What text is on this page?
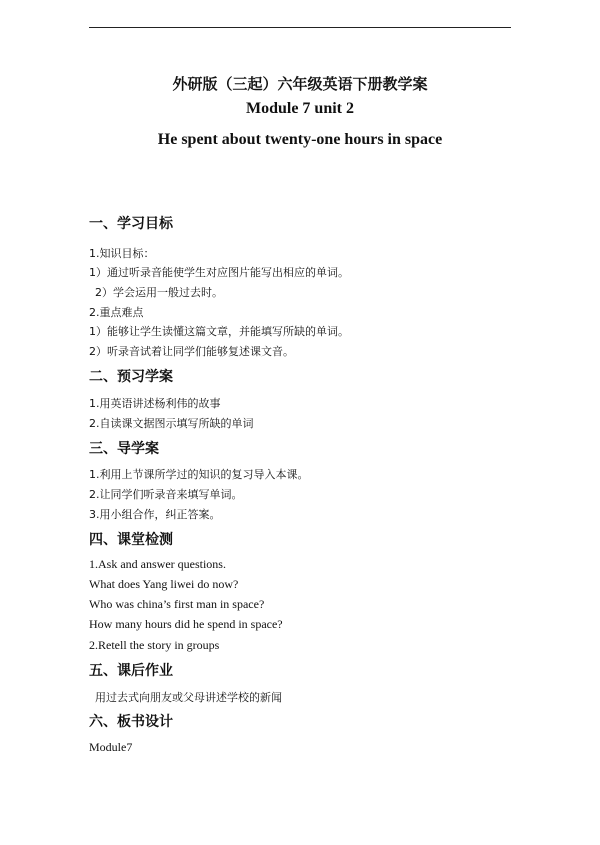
外研版（三起）六年级英语下册教学案
Module 7 unit 2
He spent about twenty-one hours in space
一、学习目标
1.知识目标：
1）通过听录音能使学生对应图片能写出相应的单词。
2）学会运用一般过去时。
2.重点难点
1）能够让学生读懂这篇文章，并能填写所缺的单词。
2）听录音试着让同学们能够复述课文音。
二、预习学案
1.用英语讲述杨利伟的故事
2.自读课文据图示填写所缺的单词
三、导学案
1.利用上节课所学过的知识的复习导入本课。
2.让同学们听录音来填写单词。
3.用小组合作，纠正答案。
四、课堂检测
1.Ask and answer questions.
What does Yang liwei do now?
Who was china’s first man in space?
How many hours did he spend in space?
2.Retell the story in groups
五、课后作业
用过去式向朋友或父母讲述学校的新闻
六、板书设计
Module7
